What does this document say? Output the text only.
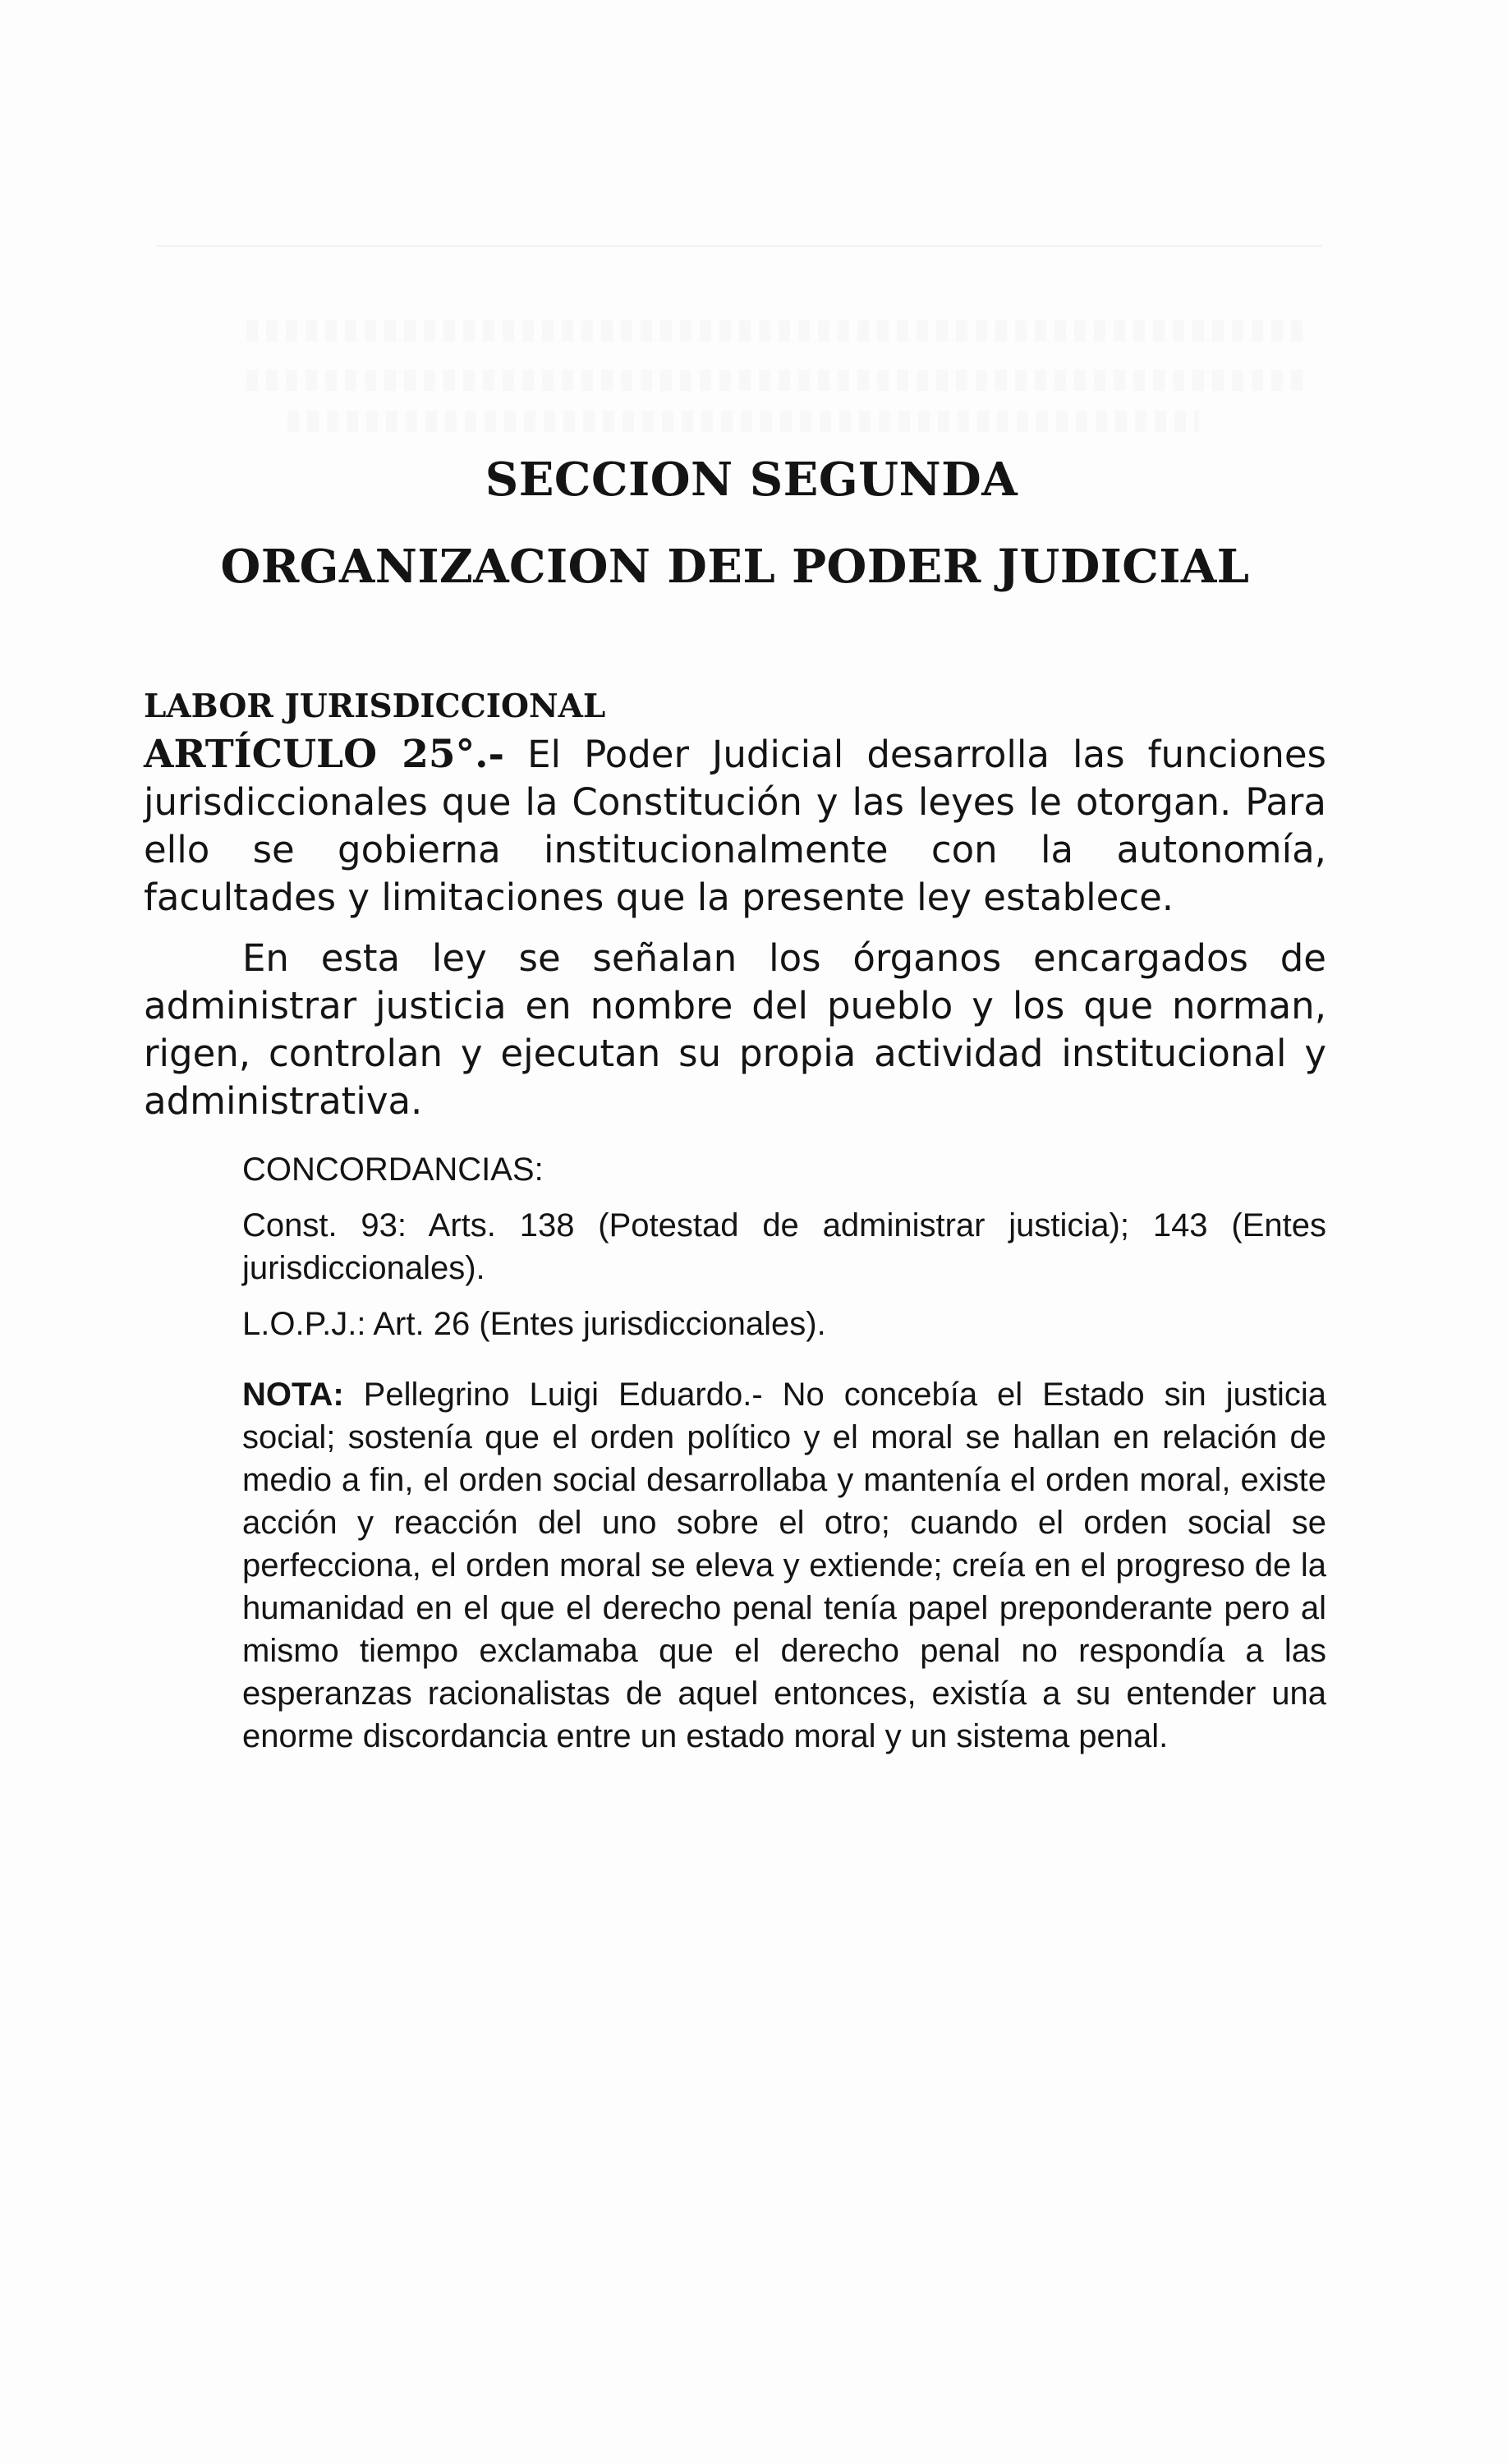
SECCION SEGUNDA
ORGANIZACION DEL PODER JUDICIAL
LABOR JURISDICCIONAL

ARTÍCULO 25°.- El Poder Judicial desarrolla las funciones jurisdiccionales que la Constitución y las leyes le otorgan. Para ello se gobierna institucionalmente con la autonomía, facultades y limitaciones que la presente ley establece.

En esta ley se señalan los órganos encargados de administrar justicia en nombre del pueblo y los que norman, rigen, controlan y ejecutan su propia actividad institucional y administrativa.

CONCORDANCIAS:

Const. 93: Arts. 138 (Potestad de administrar justicia); 143 (Entes jurisdiccionales).

L.O.P.J.: Art. 26 (Entes jurisdiccionales).

NOTA: Pellegrino Luigi Eduardo.- No concebía el Estado sin justicia social; sostenía que el orden político y el moral se hallan en relación de medio a fin, el orden social desarrollaba y mantenía el orden moral, existe acción y reacción del uno sobre el otro; cuando el orden social se perfecciona, el orden moral se eleva y extiende; creía en el progreso de la humanidad en el que el derecho penal tenía papel preponderante pero al mismo tiempo exclamaba que el derecho penal no respondía a las esperanzas racionalistas de aquel entonces, existía a su entender una enorme discordancia entre un estado moral y un sistema penal.
